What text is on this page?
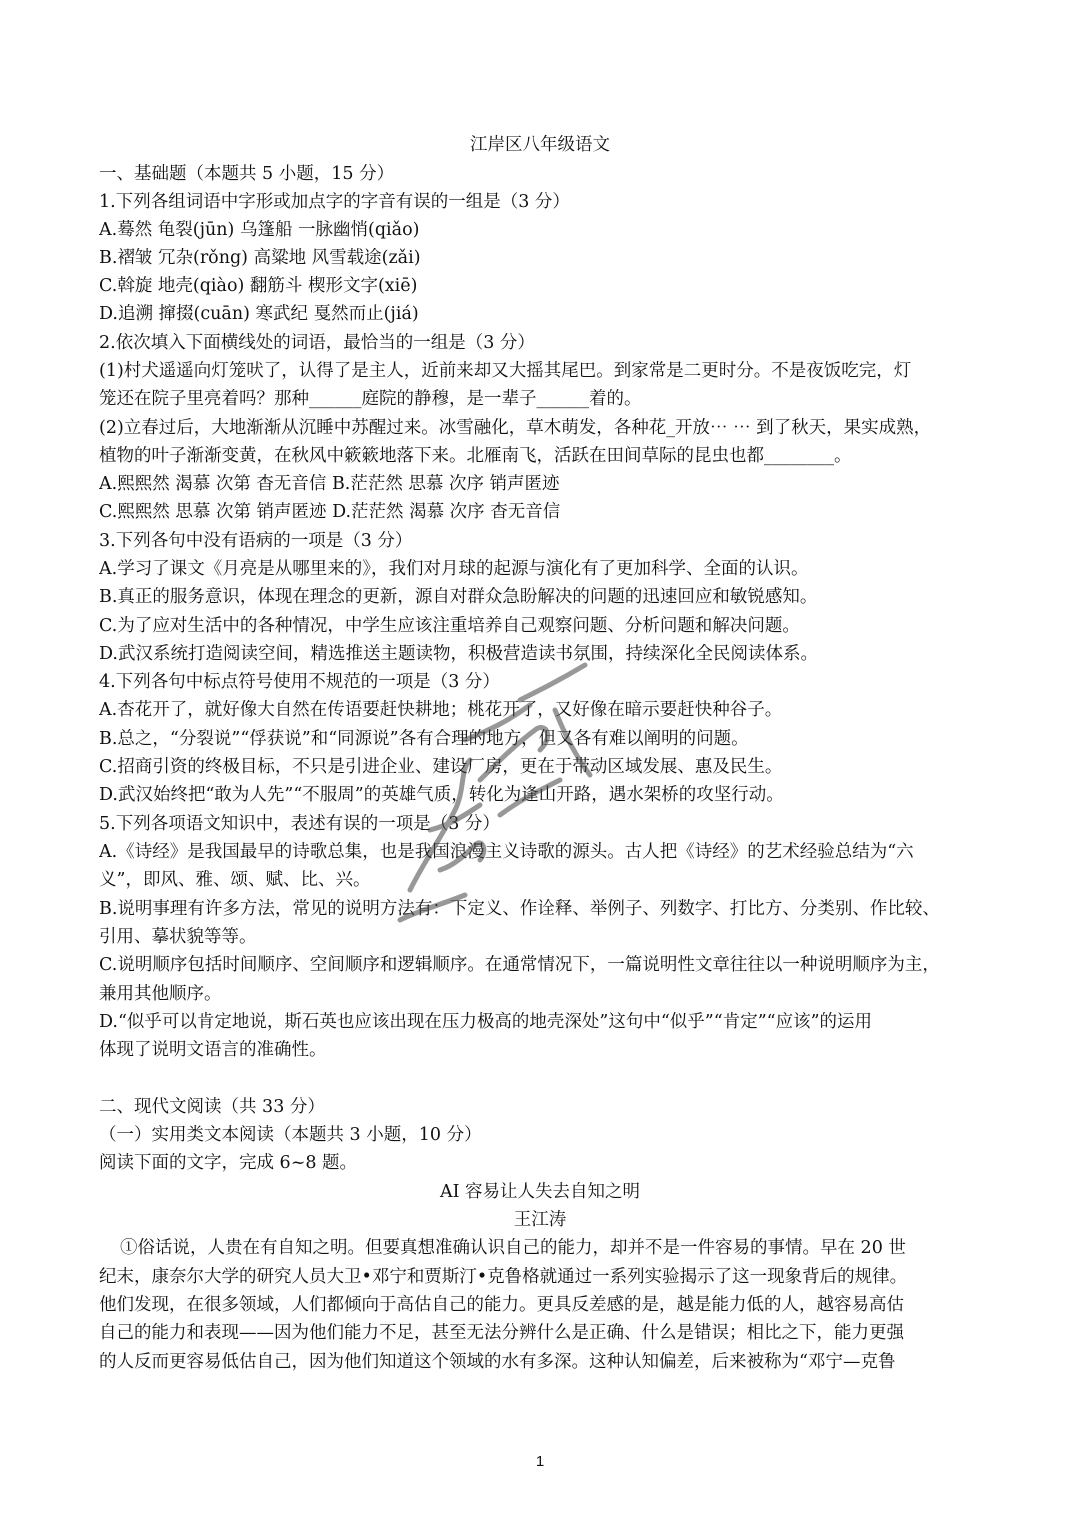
江岸区八年级语文
一、基础题（本题共 5 小题，15 分）
1.下列各组词语中字形或加点字的字音有误的一组是（3 分）
A.蓦然 龟裂(jūn) 乌篷船 一脉幽悄(qiǎo)
B.褶皱 冗杂(rǒng) 高粱地 风雪载途(zǎi)
C.斡旋 地壳(qiào) 翻筋斗 楔形文字(xiē)
D.追溯 撺掇(cuān) 寒武纪 戛然而止(jiá)
2.依次填入下面横线处的词语，最恰当的一组是（3 分）
(1)村犬遥遥向灯笼吠了，认得了是主人，近前来却又大摇其尾巴。到家常是二更时分。不是夜饭吃完，灯
笼还在院子里亮着吗？那种______庭院的静穆，是一辈子______着的。
(2)立春过后，大地渐渐从沉睡中苏醒过来。冰雪融化，草木萌发，各种花_开放⋯ ⋯ 到了秋天，果实成熟，
植物的叶子渐渐变黄，在秋风中簌簌地落下来。北雁南飞，活跃在田间草际的昆虫也都________。
A.熙熙然 渴慕 次第 杳无音信 B.茫茫然 思慕 次序 销声匿迹
C.熙熙然 思慕 次第 销声匿迹 D.茫茫然 渴慕 次序 杳无音信
3.下列各句中没有语病的一项是（3 分）
A.学习了课文《月亮是从哪里来的》，我们对月球的起源与演化有了更加科学、全面的认识。
B.真正的服务意识，体现在理念的更新，源自对群众急盼解决的问题的迅速回应和敏锐感知。
C.为了应对生活中的各种情况，中学生应该注重培养自己观察问题、分析问题和解决问题。
D.武汉系统打造阅读空间，精选推送主题读物，积极营造读书氛围，持续深化全民阅读体系。
4.下列各句中标点符号使用不规范的一项是（3 分）
A.杏花开了，就好像大自然在传语要赶快耕地；桃花开了，又好像在暗示要赶快种谷子。
B.总之，“分裂说”“俘获说”和“同源说”各有合理的地方，但又各有难以阐明的问题。
C.招商引资的终极目标，不只是引进企业、建设厂房，更在于带动区域发展、惠及民生。
D.武汉始终把“敢为人先”“不服周”的英雄气质，转化为逢山开路，遇水架桥的攻坚行动。
5.下列各项语文知识中，表述有误的一项是（3 分）
A.《诗经》是我国最早的诗歌总集，也是我国浪漫主义诗歌的源头。古人把《诗经》的艺术经验总结为“六
义”，即风、雅、颂、赋、比、兴。
B.说明事理有许多方法，常见的说明方法有：下定义、作诠释、举例子、列数字、打比方、分类别、作比较、
引用、摹状貌等等。
C.说明顺序包括时间顺序、空间顺序和逻辑顺序。在通常情况下，一篇说明性文章往往以一种说明顺序为主，
兼用其他顺序。
D.“似乎可以肯定地说，斯石英也应该出现在压力极高的地壳深处”这句中“似乎”“肯定”“应该”的运用
体现了说明文语言的准确性。
二、现代文阅读（共 33 分）
（一）实用类文本阅读（本题共 3 小题，10 分）
阅读下面的文字，完成 6~8 题。
AI 容易让人失去自知之明
王江涛
①俗话说，人贵在有自知之明。但要真想准确认识自己的能力，却并不是一件容易的事情。早在 20 世
纪末，康奈尔大学的研究人员大卫•邓宁和贾斯汀•克鲁格就通过一系列实验揭示了这一现象背后的规律。
他们发现，在很多领域，人们都倾向于高估自己的能力。更具反差感的是，越是能力低的人，越容易高估
自己的能力和表现——因为他们能力不足，甚至无法分辨什么是正确、什么是错误；相比之下，能力更强
的人反而更容易低估自己，因为他们知道这个领域的水有多深。这种认知偏差，后来被称为“邓宁—克鲁
1
